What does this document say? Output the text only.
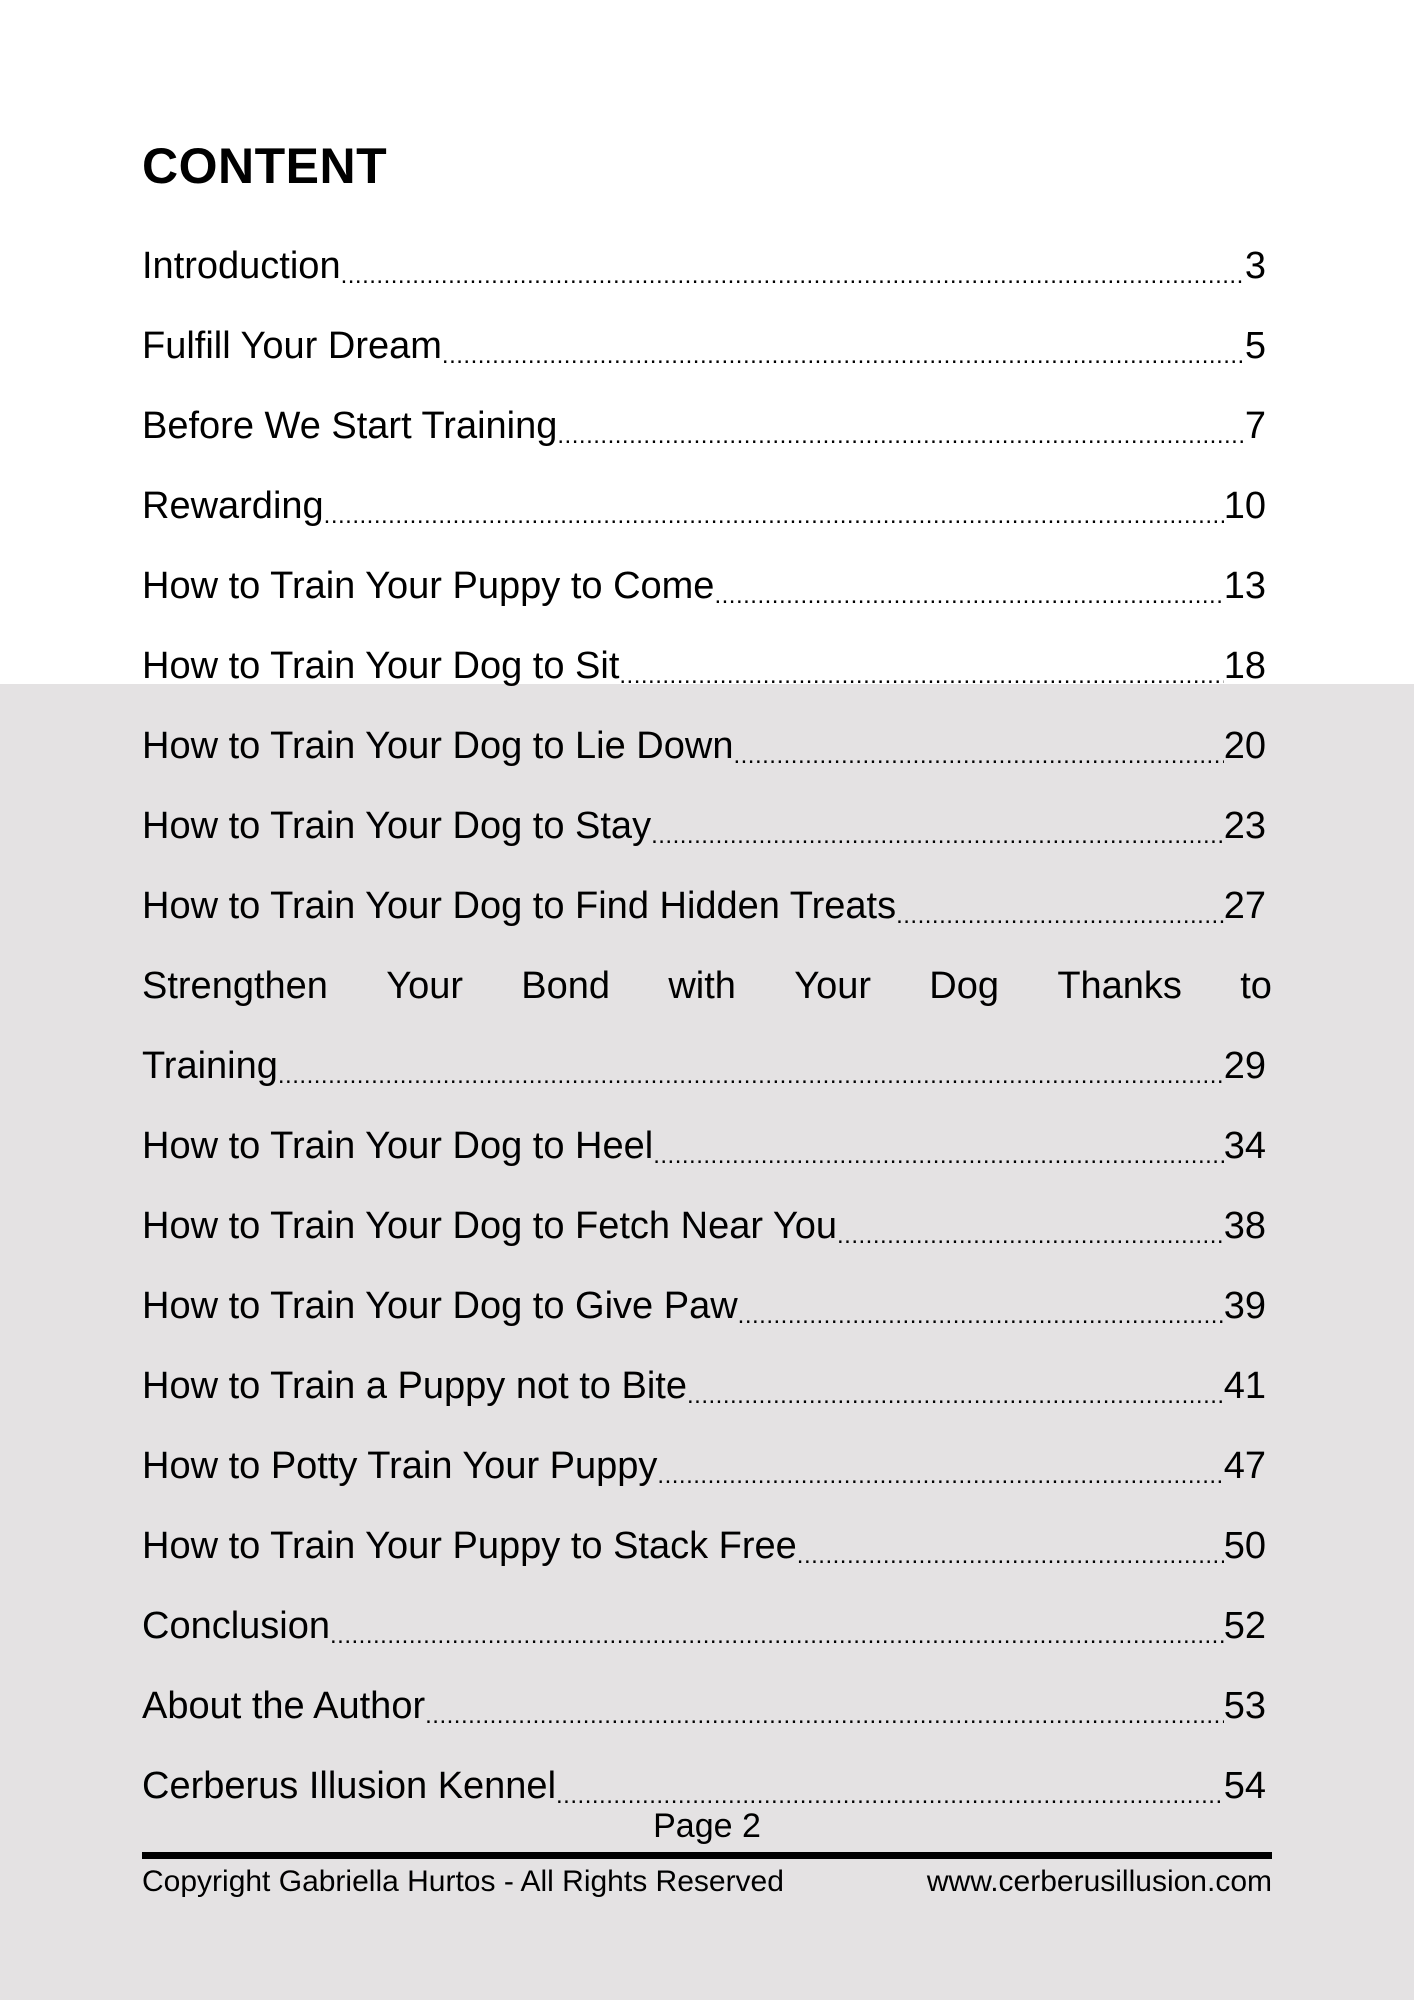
CONTENT
Introduction .....	3
Fulfill Your Dream .....	5
Before We Start Training .....	7
Rewarding .....	10
How to Train Your Puppy to Come .....	13
How to Train Your Dog to Sit .....	18
How to Train Your Dog to Lie Down .....	20
How to Train Your Dog to Stay .....	23
How to Train Your Dog to Find Hidden Treats .....	27
Strengthen Your Bond with Your Dog Thanks to
Training .....	29
How to Train Your Dog to Heel .....	34
How to Train Your Dog to Fetch Near You .....	38
How to Train Your Dog to Give Paw .....	39
How to Train a Puppy not to Bite .....	41
How to Potty Train Your Puppy .....	47
How to Train Your Puppy to Stack Free .....	50
Conclusion .....	52
About the Author .....	53
Cerberus Illusion Kennel .....	54
Page 2
Copyright Gabriella Hurtos - All Rights Reserved	www.cerberusillusion.com
